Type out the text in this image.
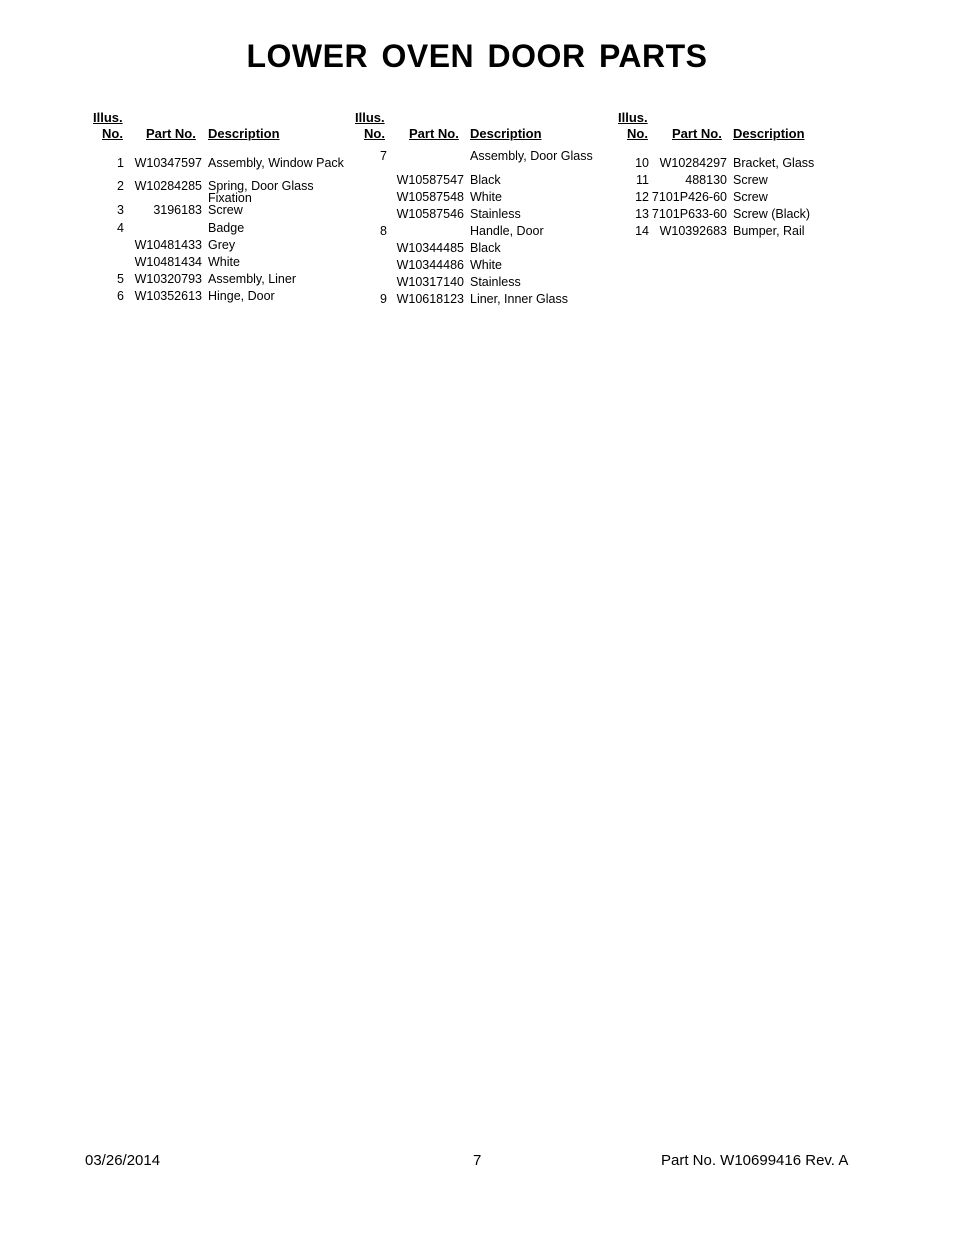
LOWER OVEN DOOR PARTS
Illus.
No. Part No. Description
1 W10347597 Assembly, Window Pack
2 W10284285 Spring, Door Glass
Fixation
3 3196183 Screw
4	Badge
W10481433 Grey
W10481434 White
5 W10320793 Assembly, Liner
6 W10352613 Hinge, Door
Illus.
No. Part No. Description
7	Assembly, Door Glass
W10587547 Black
W10587548 White
W10587546 Stainless
8	Handle, Door
W10344485 Black
W10344486 White
W10317140 Stainless
9 W10618123 Liner, Inner Glass
Illus.
No. Part No. Description
10 W10284297 Bracket, Glass
11	488130 Screw
12 7101P426-60 Screw
13 7101P633-60 Screw (Black)
14 W10392683 Bumper, Rail
03/26/2014	7	Part No. W10699416 Rev. A
